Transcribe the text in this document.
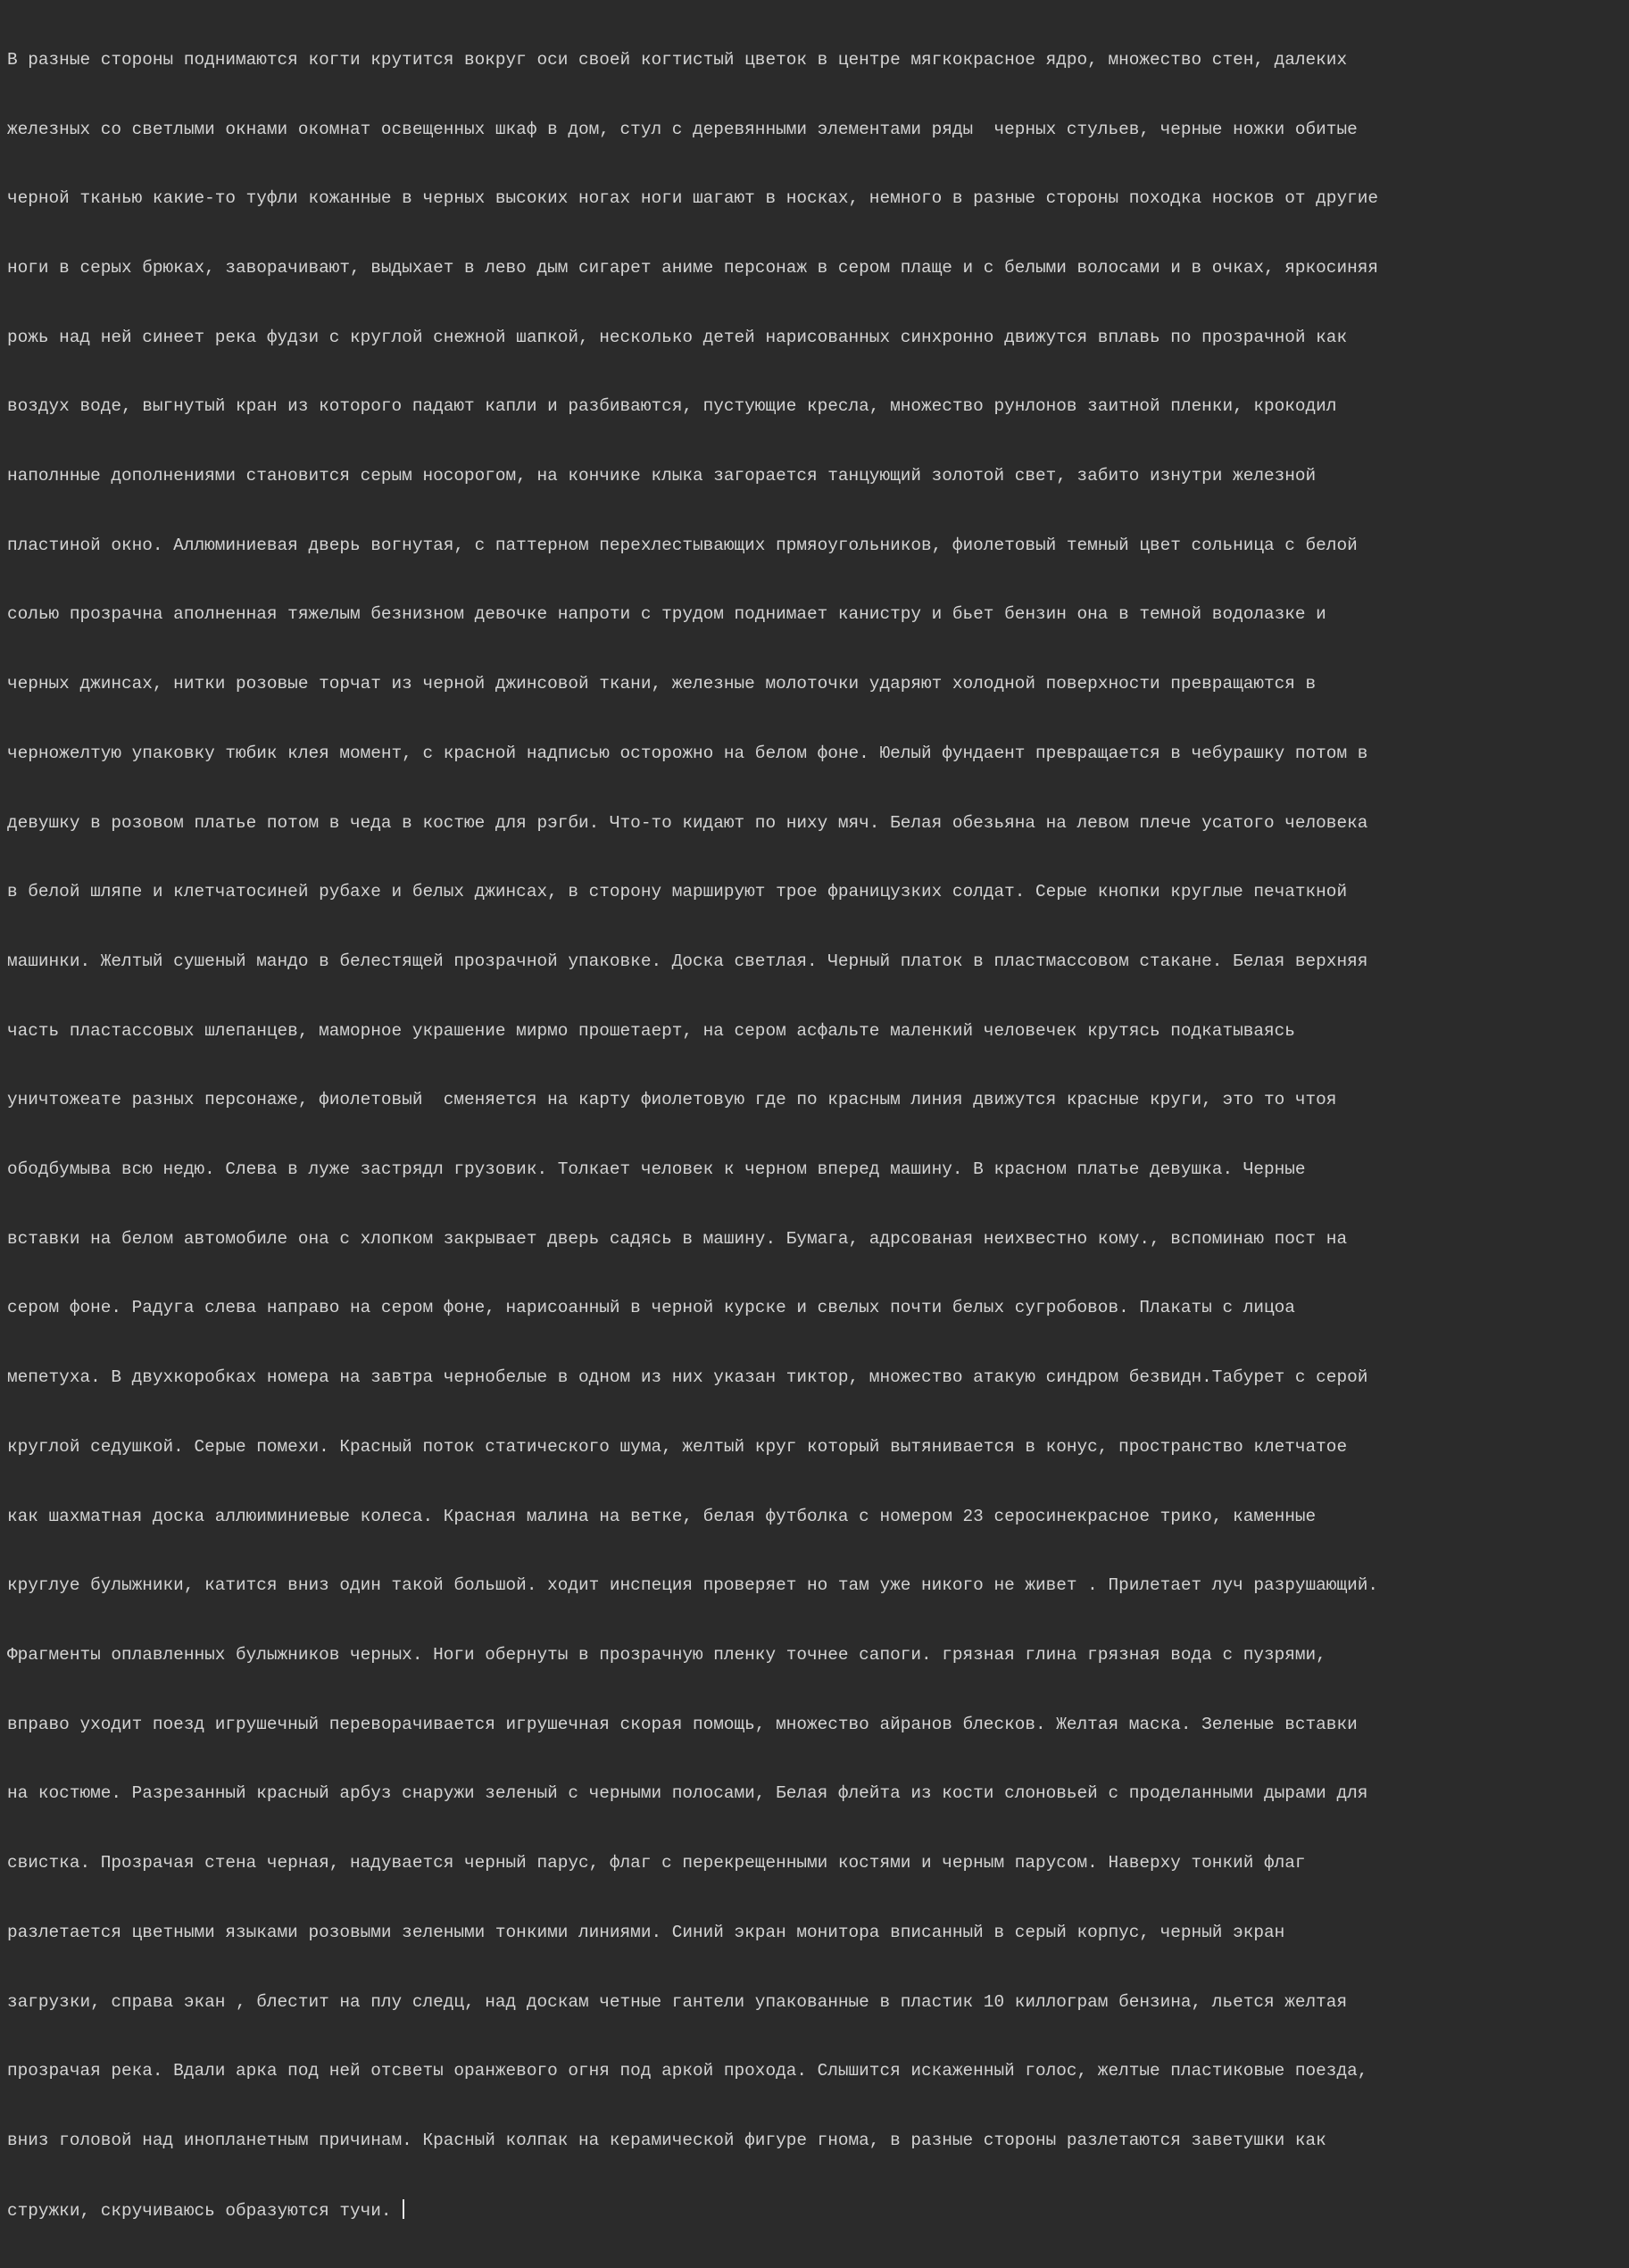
В разные стороны поднимаются когти крутится вокруг оси своей когтистый цветок в центре мягкокрасное ядро, множество стен, далеких

железных со светлыми окнами окомнат освещенных шкаф в дом, стул с деревянными элементами ряды  черных стульев, черные ножки обитые

черной тканью какие-то туфли кожанные в черных высоких ногах ноги шагают в носках, немного в разные стороны походка носков от другие

ноги в серых брюках, заворачивают, выдыхает в лево дым сигарет аниме персонаж в сером плаще и с белыми волосами и в очках, яркосиняя

рожь над ней синеет река фудзи с круглой снежной шапкой, несколько детей нарисованных синхронно движутся вплавь по прозрачной как

воздух воде, выгнутый кран из которого падают капли и разбиваются, пустующие кресла, множество рунлонов заитной пленки, крокодил

наполнные дополнениями становится серым носорогом, на кончике клыка загорается танцующий золотой свет, забито изнутри железной

пластиной окно. Аллюминиевая дверь вогнутая, с паттерном перехлестывающих прмяоугольников, фиолетовый темный цвет сольница с белой

солью прозрачна аполненная тяжелым безнизном девочке напроти с трудом поднимает канистру и бьет бензин она в темной водолазке и

черных джинсах, нитки розовые торчат из черной джинсовой ткани, железные молоточки ударяют холодной поверхности превращаются в

черножелтую упаковку тюбик клея момент, с красной надписью осторожно на белом фоне. Юелый фундаент превращается в чебурашку потом в

девушку в розовом платье потом в чеда в костюе для рэгби. Что-то кидают по ниху мяч. Белая обезьяна на левом плече усатого человека

в белой шляпе и клетчатосиней рубахе и белых джинсах, в сторону маршируют трое франицузких солдат. Серые кнопки круглые печаткной

машинки. Желтый сушеный мандо в белестящей прозрачной упаковке. Доска светлая. Черный платок в пластмассовом стакане. Белая верхняя

часть пластассовых шлепанцев, маморное украшение мирмо прошетаерт, на сером асфальте маленкий человечек крутясь подкатываясь

уничтожеате разных персонаже, фиолетовый  сменяется на карту фиолетовую где по красным линия движутся красные круги, это то чтоя

ободбумыва всю недю. Слева в луже застрядл грузовик. Толкает человек к черном вперед машину. В красном платье девушка. Черные

вставки на белом автомобиле она с хлопком закрывает дверь садясь в машину. Бумага, адрсованая неихвестно кому., вспоминаю пост на

сером фоне. Радуга слева направо на сером фоне, нарисоанный в черной курске и свелых почти белых сугробовов. Плакаты с лицоа

мепетуха. В двухкоробках номера на завтра чернобелые в одном из них указан тиктор, множество атакую синдром безвидн.Табурет с серой

круглой седушкой. Серые помехи. Красный поток статического шума, желтый круг который вытянивается в конус, пространство клетчатое

как шахматная доска аллюиминиевые колеса. Красная малина на ветке, белая футболка с номером 23 серосинекрасное трико, каменные

круглуе булыжники, катится вниз один такой большой. ходит инспеция проверяет но там уже никого не живет . Прилетает луч разрушающий.

Фрагменты оплавленных булыжников черных. Ноги обернуты в прозрачную пленку точнее сапоги. грязная глина грязная вода с пузрями,

вправо уходит поезд игрушечный переворачивается игрушечная скорая помощь, множество айранов блесков. Желтая маска. Зеленые вставки

на костюме. Разрезанный красный арбуз снаружи зеленый с черными полосами, Белая флейта из кости слоновьей с проделанными дырами для

свистка. Прозрачая стена черная, надувается черный парус, флаг с перекрещенными костями и черным парусом. Наверху тонкий флаг

разлетается цветными языками розовыми зелеными тонкими линиями. Синий экран монитора вписанный в серый корпус, черный экран

загрузки, справа экан , блестит на плу следц, над доскам четные гантели упакованные в пластик 10 киллограм бензина, льется желтая

прозрачая река. Вдали арка под ней отсветы оранжевого огня под аркой прохода. Слышится искаженный голос, желтые пластиковые поезда,

вниз головой над инопланетным причинам. Красный колпак на керамической фигуре гнома, в разные стороны разлетаются заветушки как

стружки, скручиваюсь образуются тучи.
